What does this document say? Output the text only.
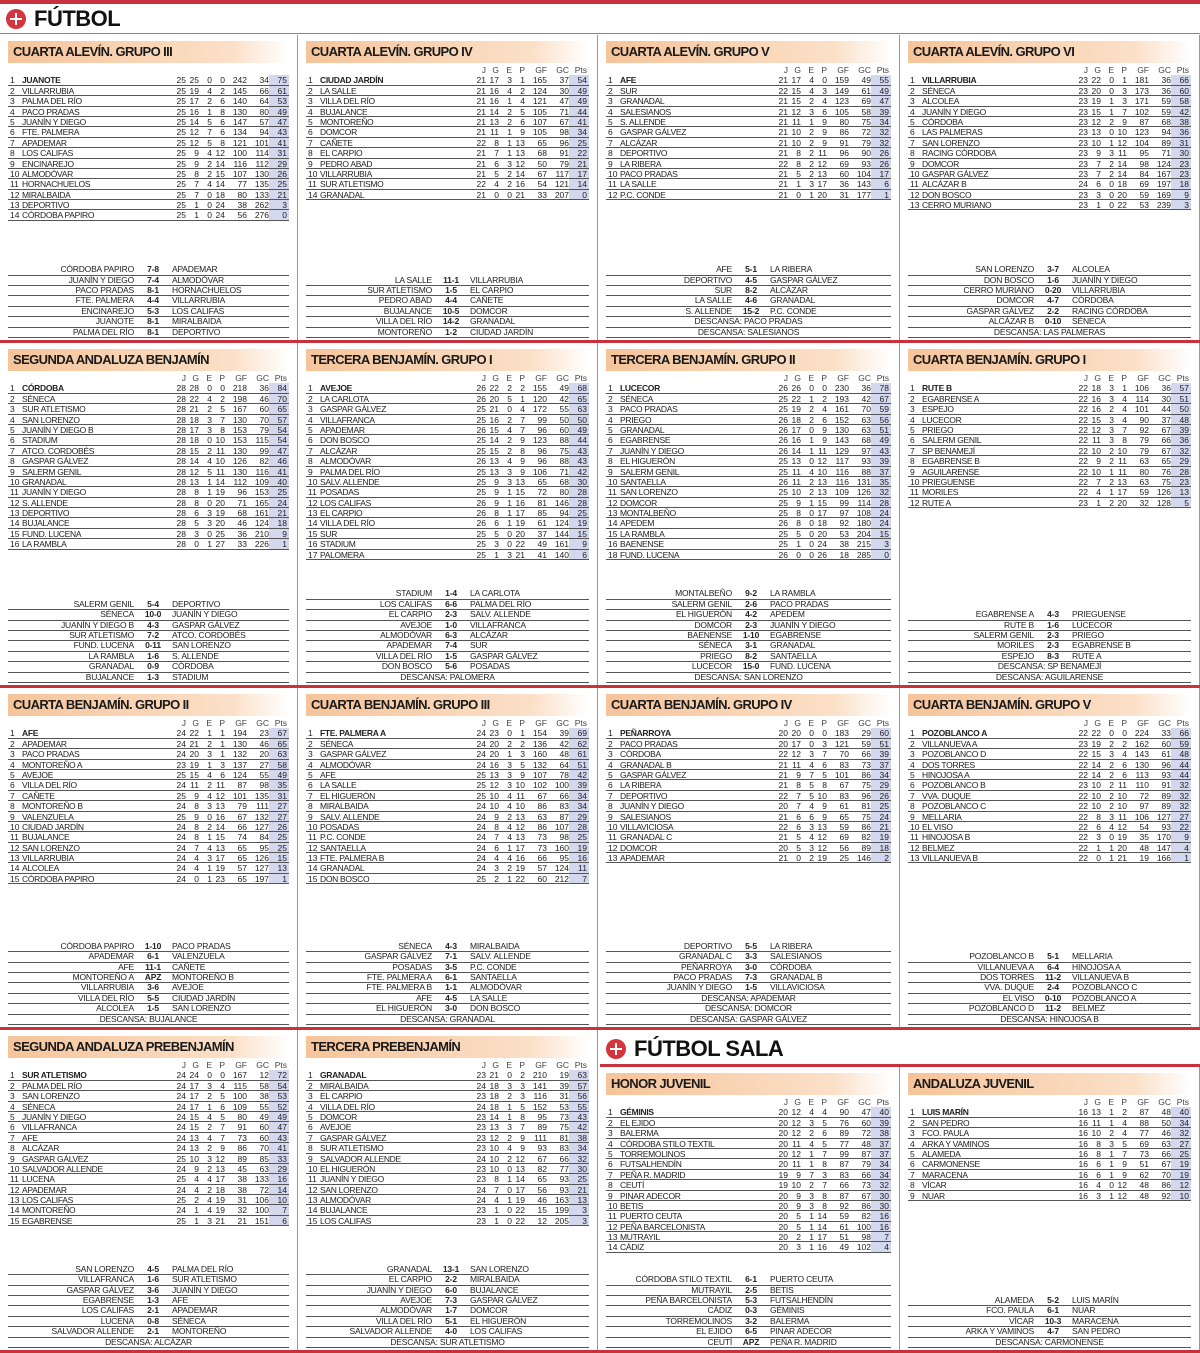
FÚTBOL
FÚTBOL SALA
CUARTA ALEVÍN. GRUPO III
1 JUANOTE	25 25 0 0 242	34	75
2 VILLARRUBIA	25 19 4 2 145	66	61
3 PALMA DEL RÍO	25 17 2 6 140	64	53
4 PACO PRADAS	25 16 1 8 130	80	49
5 JUANÍN Y DIEGO	25 14 5 6 147	57	47
6 FTE. PALMERA	25 12 7 6 134	94	43
7 APADEMAR	25 12 5 8 121 101	41
8 LOS CALIFAS	25 9 4 12 100 114	31
9 ENCINAREJO	25 9 2 14 116 112	29
10 ALMODÓVAR	25 8 2 15 107 130	26
11 HORNACHUELOS	25 7 4 14	77 135	25
12 MIRALBAIDA	25 7 0 18	80 133	21
13 DEPORTIVO	25 1 0 24	38 262	3
14 CÓRDOBA PAPIRO	25 1 0 24	56 276	0
CÓRDOBA PAPIRO	7-8	APADEMAR
JUANÍN Y DIEGO	7-4	ALMODÓVAR
PACO PRADAS	8-1	HORNACHUELOS
FTE. PALMERA	4-4	VILLARRUBIA
ENCINAREJO	5-3	LOS CALIFAS
JUANOTE	8-1	MIRALBAIDA
PALMA DEL RÍO	8-1	DEPORTIVO
CUARTA ALEVÍN. GRUPO IV
J G E P	GF	GC Pts
1 CIUDAD JARDÍN	21 17 3 1 165	37	54
2 LA SALLE	21 16 4 2 124	30	49
3 VILLA DEL RÍO	21 16 1 4 121	47	49
4 BUJALANCE	21 14 2 5 105	71	44
5 MONTOREÑO	21 13 2 6 107	67	41
6 DOMCOR	21 11 1 9 105	98	34
7 CAÑETE	22 8 1 13	65	96	25
8 EL CARPIO	21 7 1 13	68	91	22
9 PEDRO ABAD	21 6 3 12	50	79	21
10 VILLARRUBIA	21 5 2 14	67 117	17
11 SUR ATLETISMO	22 4 2 16	54 121	14
14 GRANADAL	21 0 0 21	33 207	0
LA SALLE	11-1	VILLARRUBIA
SUR ATLETISMO	1-5	EL CARPIO
PEDRO ABAD	4-4	CAÑETE
BUJALANCE	10-5	DOMCOR
VILLA DEL RÍO	14-2	GRANADAL
MONTOREÑO	1-2	CIUDAD JARDÍN
CUARTA ALEVÍN. GRUPO V
J G E P	GF	GC Pts
1 AFE	21 17 4 0 159	49	55
2 SUR	22 15 4 3 149	61	49
3 GRANADAL	21 15 2 4 123	69	47
4 SALESIANOS	21 12 3 6 105	58	39
5 S. ALLENDE	21 11 1 9	80	75	34
6 GASPAR GÁLVEZ	21 10 2 9	86	72	32
7 ALCÁZAR	21 10 2 9	91	79	32
8 DEPORTIVO	21 8 2 11	96	90	26
9 LA RIBERA	22 8 2 12	69	93	26
10 PACO PRADAS	21 5 2 13	60 104	17
11 LA SALLE	21 1 3 17	36 143	6
12 P.C. CONDE	21 0 1 20	31 177	1
AFE	5-1	LA RIBERA
DEPORTIVO	4-5	GASPAR GÁLVEZ
SUR	8-2	ALCÁZAR
LA SALLE	4-6	GRANADAL
S. ALLENDE	15-2	P.C. CONDE
DESCANSA: PACO PRADAS
DESCANSA: SALESIANOS
CUARTA ALEVÍN. GRUPO VI
J G E P	GF	GC Pts
1 VILLARRUBIA	23 22 0 1 181	36	66
2 SÉNECA	23 20 0 3 173	36	60
3 ALCOLEA	23 19 1 3 171	59	58
4 JUANÍN Y DIEGO	23 15 1 7 102	59	42
5 CÓRDOBA	23 12 2 9	87	68	38
6 LAS PALMERAS	23 13 0 10 123	94	36
7 SAN LORENZO	23 10 1 12 104	89	31
8 RACING CÓRDOBA	23 9 3 11	95	71	30
9 DOMCOR	23 7 2 14	98 124	23
10 GASPAR GÁLVEZ	23 7 2 14	84 167	23
11 ALCÁZAR B	24 6 0 18	69 197	18
12 DON BOSCO	23 3 0 20	59 169	9
13 CERRO MURIANO	23 1 0 22	53 239	3
SAN LORENZO	3-7	ALCOLEA
DON BOSCO	1-6	JUANÍN Y DIEGO
CERRO MURIANO	0-20	VILLARRUBIA
DOMCOR	4-7	CÓRDOBA
GASPAR GÁLVEZ	2-2	RACING CÓRDOBA
ALCÁZAR B	0-10	SÉNECA
DESCANSA: LAS PALMERAS
SEGUNDA ANDALUZA BENJAMÍN
J G E P	GF	GC Pts
1 CÓRDOBA	28 28 0 0 218	36	84
2 SÉNECA	28 22 4 2 198	46	70
3 SUR ATLETISMO	28 21 2 5 167	60	65
4 SAN LORENZO	28 18 3 7 130	70	57
5 JUANÍN Y DIEGO B	28 17 3 8 153	79	54
6 STADIUM	28 18 0 10 153 115	54
7 ATCO. CORDOBÉS	28 15 2 11 130	99	47
8 GASPAR GÁLVEZ	28 14 4 10 126	82	46
9 SALERM GENIL	28 12 5 11 130 116	41
10 GRANADAL	28 13 1 14 112 109	40
11 JUANÍN Y DIEGO	28 8 1 19	96 153	25
12 S. ALLENDE	28 8 0 20	71 165	24
13 DEPORTIVO	28 6 3 19	68 161	21
14 BUJALANCE	28 5 3 20	46 124	18
15 FUND. LUCENA	28 3 0 25	36 210	9
16 LA RAMBLA	28 0 1 27	33 226	1
SALERM GENIL	5-4	DEPORTIVO
SÉNECA	10-0	JUANÍN Y DIEGO
JUANÍN Y DIEGO B	4-3	GASPAR GÁLVEZ
SUR ATLETISMO	7-2	ATCO. CORDOBÉS
FUND. LUCENA	0-11	SAN LORENZO
LA RAMBLA	1-6	S. ALLENDE
GRANADAL	0-9	CÓRDOBA
BUJALANCE	1-3	STADIUM
TERCERA BENJAMÍN. GRUPO I
J G E P	GF	GC Pts
1 AVEJOE	26 22 2 2 155	49	68
2 LA CARLOTA	26 20 5 1 120	42	65
3 GASPAR GÁLVEZ	25 21 0 4 172	55	63
4 VILLAFRANCA	25 16 2 7	99	50	50
5 APADEMAR	26 15 4 7	96	60	49
6 DON BOSCO	25 14 2 9 123	88	44
7 ALCÁZAR	25 15 2 8	96	75	43
8 ALMODÓVAR	26 13 4 9	96	88	43
9 PALMA DEL RÍO	25 13 3 9 106	71	42
10 SALV. ALLENDE	25 9 3 13	65	68	30
11 POSADAS	25 9 1 15	72	80	28
12 LOS CALIFAS	26 9 1 16	81 146	28
13 EL CARPIO	26 8 1 17	85	94	25
14 VILLA DEL RÍO	26 6 1 19	61 124	19
15 SUR	25 5 0 20	37 144	15
16 STADIUM	25 3 0 22	49 161	9
17 PALOMERA	25 1 3 21	41 140	6
STADIUM	1-4	LA CARLOTA
LOS CALIFAS	6-6	PALMA DEL RÍO
EL CARPIO	2-3	SALV. ALLENDE
AVEJOE	1-0	VILLAFRANCA
ALMODÓVAR	6-3	ALCÁZAR
APADEMAR	7-4	SUR
VILLA DEL RÍO	1-5	GASPAR GÁLVEZ
DON BOSCO	5-6	POSADAS
DESCANSA: PALOMERA
TERCERA BENJAMÍN. GRUPO II
J G E P	GF	GC Pts
1 LUCECOR	26 26 0 0 230	36	78
2 SÉNECA	25 22 1 2 193	42	67
3 PACO PRADAS	25 19 2 4 161	70	59
4 PRIEGO	26 18 2 6 152	63	56
5 GRANADAL	26 17 0 9 130	63	51
6 EGABRENSE	26 16 1 9 143	68	49
7 JUANÍN Y DIEGO	26 14 1 11 129	97	43
8 EL HIGUERÓN	25 13 0 12 117	93	39
9 SALERM GENIL	25 11 4 10 116	88	37
10 SANTAELLA	26 11 2 13 116 131	35
11 SAN LORENZO	25 10 2 13 109 126	32
12 DOMCOR	25 9 1 15	99 114	28
13 MONTALBEÑO	25 8 0 17	97 108	24
14 APEDEM	26 8 0 18	92 180	24
15 LA RAMBLA	25 5 0 20	53 204	15
16 BAENENSE	25 1 0 24	38 215	3
18 FUND. LUCENA	26 0 0 26	18 285	0
MONTALBEÑO	9-2	LA RAMBLA
SALERM GENIL	2-6	PACO PRADAS
EL HIGUERÓN	4-2	APEDEM
DOMCOR	2-3	JUANÍN Y DIEGO
BAENENSE	1-10	EGABRENSE
SÉNECA	3-1	GRANADAL
PRIEGO	8-2	SANTAELLA
LUCECOR	15-0	FUND. LUCENA
DESCANSA: SAN LORENZO
CUARTA BENJAMÍN. GRUPO I
J G E P	GF	GC Pts
1 RUTE B	22 18 3 1 106	36	57
2 EGABRENSE A	22 16 3 4 114	30	51
3 ESPEJO	22 16 2 4 101	44	50
4 LUCECOR	22 15 3 4	90	37	48
5 PRIEGO	22 12 3 7	92	67	39
6 SALERM GENIL	22 11 3 8	79	66	36
7 SP BENAMEJÍ	22 10 2 10	79	67	32
8 EGABRENSE B	22 9 2 11	63	65	29
9 AGUILARENSE	22 10 1 11	80	76	28
10 PRIEGUENSE	22 7 2 13	63	75	23
11 MORILES	22 4 1 17	59 126	13
12 RUTE A	23 1 2 20	32 128	5
EGABRENSE A	4-3	PRIEGUENSE
RUTE B	1-6	LUCECOR
SALERM GENIL	2-3	PRIEGO
MORILES	2-3	EGABRENSE B
ESPEJO	8-3	RUTE A
DESCANSA: SP BENAMEJÍ
DESCANSA: AGUILARENSE
CUARTA BENJAMÍN. GRUPO II
J G E P	GF	GC Pts
1 AFE	24 22 1 1 194	23	67
2 APADEMAR	24 21 2 1 130	46	65
3 PACO PRADAS	24 20 3 1 132	20	63
4 MONTOREÑO A	23 19 1 3 137	27	58
5 AVEJOE	25 15 4 6 124	55	49
6 VILLA DEL RÍO	24 11 2 11	87	98	35
7 CAÑETE	25 9 4 12 101 135	31
8 MONTOREÑO B	24 8 3 13	79	111	27
9 VALENZUELA	25 9 0 16	67 132	27
10 CIUDAD JARDÍN	24 8 2 14	66 127	26
11 BUJALANCE	24 8 1 15	74	84	25
12 SAN LORENZO	24 7 4 13	65	95	25
13 VILLARRUBIA	24 4 3 17	65 126	15
14 ALCOLEA	24 4 1 19	57 127	13
15 CÓRDOBA PAPIRO	24 0 1 23	65 197	1
CÓRDOBA PAPIRO	1-10	PACO PRADAS
APADEMAR	6-1	VALENZUELA
AFE	11-1	CAÑETE
MONTOREÑO A	APZ	MONTOREÑO B
VILLARRUBIA	3-6	AVEJOE
VILLA DEL RÍO	5-5	CIUDAD JARDÍN
ALCOLEA	1-5	SAN LORENZO
DESCANSA: BUJALANCE
CUARTA BENJAMÍN. GRUPO III
J G E P	GF	GC Pts
1 FTE. PALMERA A	24 23 0 1 154	39	69
2 SÉNECA	24 20 2 2 136	42	62
3 GASPAR GÁLVEZ	24 20 1 3 160	48	61
4 ALMODÓVAR	24 16 3 5 132	64	51
5 AFE	25 13 3 9 107	78	42
6 LA SALLE	25 12 3 10 102 100	39
7 EL HIGUERÓN	25 10 4 11	67	66	34
8 MIRALBAIDA	24 10 4 10	86	83	34
9 SALV. ALLENDE	24 9 2 13	63	87	29
10 POSADAS	24 8 4 12	86 107	28
11 P.C. CONDE	24 7 4 13	73	98	25
12 SANTAELLA	24 6 1 17	73 160	19
13 FTE. PALMERA B	24 4 4 16	66	95	16
14 GRANADAL	24 3 2 19	57 124	11
15 DON BOSCO	25 2 1 22	60 212	7
SÉNECA	4-3	MIRALBAIDA
GASPAR GÁLVEZ	7-1	SALV. ALLENDE
POSADAS	3-5	P.C. CONDE
FTE. PALMERA A	6-1	SANTAELLA
FTE. PALMERA B	1-1	ALMODÓVAR
AFE	4-5	LA SALLE
EL HIGUERÓN	3-0	DON BOSCO
DESCANSA: GRANADAL
CUARTA BENJAMÍN. GRUPO IV
J G E P	GF	GC Pts
1 PEÑARROYA	20 20 0 0 183	29	60
2 PACO PRADAS	20 17 0 3 121	59	51
3 CÓRDOBA	22 12 3 7	70	66	39
4 GRANADAL B	21 11 4 6	83	73	37
5 GASPAR GÁLVEZ	21 9 7 5 101	86	34
6 LA RIBERA	21 8 5 8	67	75	29
7 DEPORTIVO	22 7 5 10	83	96	26
8 JUANÍN Y DIEGO	20 7 4 9	61	81	25
9 SALESIANOS	21 6 6 9	65	75	24
10 VILLAVICIOSA	22 6 3 13	59	86	21
11 GRANADAL C	21 5 4 12	69	82	19
12 DOMCOR	20 5 3 12	56	89	18
13 APADEMAR	21 0 2 19	25 146	2
DEPORTIVO	5-5	LA RIBERA
GRANADAL C	3-3	SALESIANOS
PEÑARROYA	3-0	CÓRDOBA
PACO PRADAS	7-3	GRANADAL B
JUANÍN Y DIEGO	1-5	VILLAVICIOSA
DESCANSA: APADEMAR
DESCANSA: DOMCOR
DESCANSA: GASPAR GÁLVEZ
CUARTA BENJAMÍN. GRUPO V
J G E P	GF	GC Pts
1 POZOBLANCO A	22 22 0 0 224	33	66
2 VILLANUEVA A	23 19 2 2 162	60	59
3 POZOBLANCO D	22 15 3 4 143	61	48
4 DOS TORRES	22 14 2 6 130	96	44
5 HINOJOSA A	22 14 2 6 113	93	44
6 POZOBLANCO B	23 10 2 11 110	91	32
7 VVA. DUQUE	22 10 2 10	72	89	32
8 POZOBLANCO C	22 10 2 10	97	89	32
9 MELLARIA	22 8 3 11 106 127	27
10 EL VISO	22 6 4 12	54	93	22
11 HINOJOSA B	22 3 0 19	35 170	9
12 BELMEZ	22 1 1 20	48 147	4
13 VILLANUEVA B	22 0 1 21	19 166	1
POZOBLANCO B	5-1	MELLARIA
VILLANUEVA A	6-4	HINOJOSA A
DOS TORRES	11-2	VILLANUEVA B
VVA. DUQUE	2-4	POZOBLANCO C
EL VISO	0-10	POZOBLANCO A
POZOBLANCO D	11-2	BELMEZ
DESCANSA: HINOJOSA B
SEGUNDA ANDALUZA PREBENJAMÍN
J G E P	GF	GC Pts
1 SUR ATLETISMO	24 24 0 0 167	12	72
2 PALMA DEL RÍO	24 17 3 4 115	58	54
3 SAN LORENZO	24 17 2 5 100	38	53
4 SÉNECA	24 17 1 6 109	55	52
5 JUANÍN Y DIEGO	24 15 4 5	80	49	49
6 VILLAFRANCA	24 15 2 7	91	60	47
7 AFE	24 13 4 7	73	60	43
8 ALCÁZAR	24 13 2 9	86	70	41
9 GASPAR GÁLVEZ	25 10 3 12	89	85	33
10 SALVADOR ALLENDE	24 9 2 13	45	63	29
11 LUCENA	25 4 4 17	38 133	16
12 APADEMAR	24 4 2 18	38	72	14
13 LOS CALIFAS	25 2 4 19	31 106	10
14 MONTOREÑO	24 1 4 19	32 100	7
15 EGABRENSE	25 1 3 21	21 151	6
SAN LORENZO	4-5	PALMA DEL RÍO
VILLAFRANCA	1-6	SUR ATLETISMO
GASPAR GÁLVEZ	3-6	JUANÍN Y DIEGO
EGABRENSE	1-3	AFE
LOS CALIFAS	2-1	APADEMAR
LUCENA	0-8	SÉNECA
SALVADOR ALLENDE	2-1	MONTOREÑO
DESCANSA: ALCÁZAR
TERCERA PREBENJAMÍN
J G E P	GF	GC Pts
1 GRANADAL	23 21 0 2 210	19	63
2 MIRALBAIDA	24 18 3 3 141	39	57
3 EL CARPIO	23 18 2 3 116	31	56
4 VILLA DEL RÍO	24 18 1 5 152	53	55
5 DOMCOR	23 14 1 8	95	73	43
6 AVEJOE	23 13 3 7	89	75	42
7 GASPAR GÁLVEZ	23 12 2 9	111	81	38
8 SUR ATLETISMO	23 10 4 9	93	83	34
9 SALVADOR ALLENDE	24 10 2 12	67	66	32
10 EL HIGUERÓN	23 10 0 13	82	77	30
11 JUANÍN Y DIEGO	23 8 1 14	65	93	25
12 SAN LORENZO	24 7 0 17	56	93	21
13 ALMODÓVAR	24 4 1 19	46 163	13
14 BUJALANCE	23 1 0 22	15 199	3
15 LOS CALIFAS	23 1 0 22	12 205	3
GRANADAL	13-1	SAN LORENZO
EL CARPIO	2-2	MIRALBAIDA
JUANÍN Y DIEGO	6-0	BUJALANCE
AVEJOE	7-3	GASPAR GÁLVEZ
ALMODÓVAR	1-7	DOMCOR
VILLA DEL RÍO	5-1	EL HIGUERÓN
SALVADOR ALLENDE	4-0	LOS CALIFAS
DESCANSA: SUR ATLETISMO
HONOR JUVENIL
J G E P	GF	GC Pts
1 GÉMINIS	20 12 4 4	90	47	40
2 EL EJIDO	20 12 3 5	76	60	39
3 BALERMA	20 12 2 6	89	72	38
4 CÓRDOBA STILO TEXTIL	20 11 4 5	77	48	37
5 TORREMOLINOS	20 12 1 7	99	87	37
6 FUTSALHENDÍN	20 11 1 8	87	79	34
7 PEÑA R. MADRID	19 9 7 3	83	66	34
8 CEUTÍ	19 10 2 7	66	73	32
9 PINAR ADECOR	20 9 3 8	87	67	30
10 BETIS	20 9 3 8	92	86	30
11 PUERTO CEUTA	20 5 1 14	59	82	16
12 PEÑA BARCELONISTA	20 5 1 14	61 100	16
13 MUTRAYIL	20 2 1 17	51	98	7
14 CÁDIZ	20 3 1 16	49 102	4
CÓRDOBA STILO TEXTIL	6-1	PUERTO CEUTA
MUTRAYIL	2-5	BETIS
PEÑA BARCELONISTA	5-3	FUTSALHENDÍN
CÁDIZ	0-3	GÉMINIS
TORREMOLINOS	3-2	BALERMA
EL EJIDO	6-5	PINAR ADECOR
CEUTÍ	APZ	PEÑA R. MADRID
ANDALUZA JUVENIL
J G E P	GF	GC Pts
1 LUIS MARÍN	16 13 1 2	87	48	40
2 SAN PEDRO	16 11 1 4	88	50	34
3 FCO. PAULA	16 10 2 4	77	46	32
4 ARKA Y VAMINOS	16 8 3 5	69	63	27
5 ALAMEDA	16 8 1 7	73	66	25
6 CARMONENSE	16 6 1 9	51	67	19
7 MARACENA	16 6 1 9	62	70	19
8 VÍCAR	16 4 0 12	48	86	12
9 NUAR	16 3 1 12	48	92	10
ALAMEDA	5-2	LUIS MARÍN
FCO. PAULA	6-1	NUAR
VÍCAR	10-3	MARACENA
ARKA Y VAMINOS	4-7	SAN PEDRO
DESCANSA: CARMONENSE
